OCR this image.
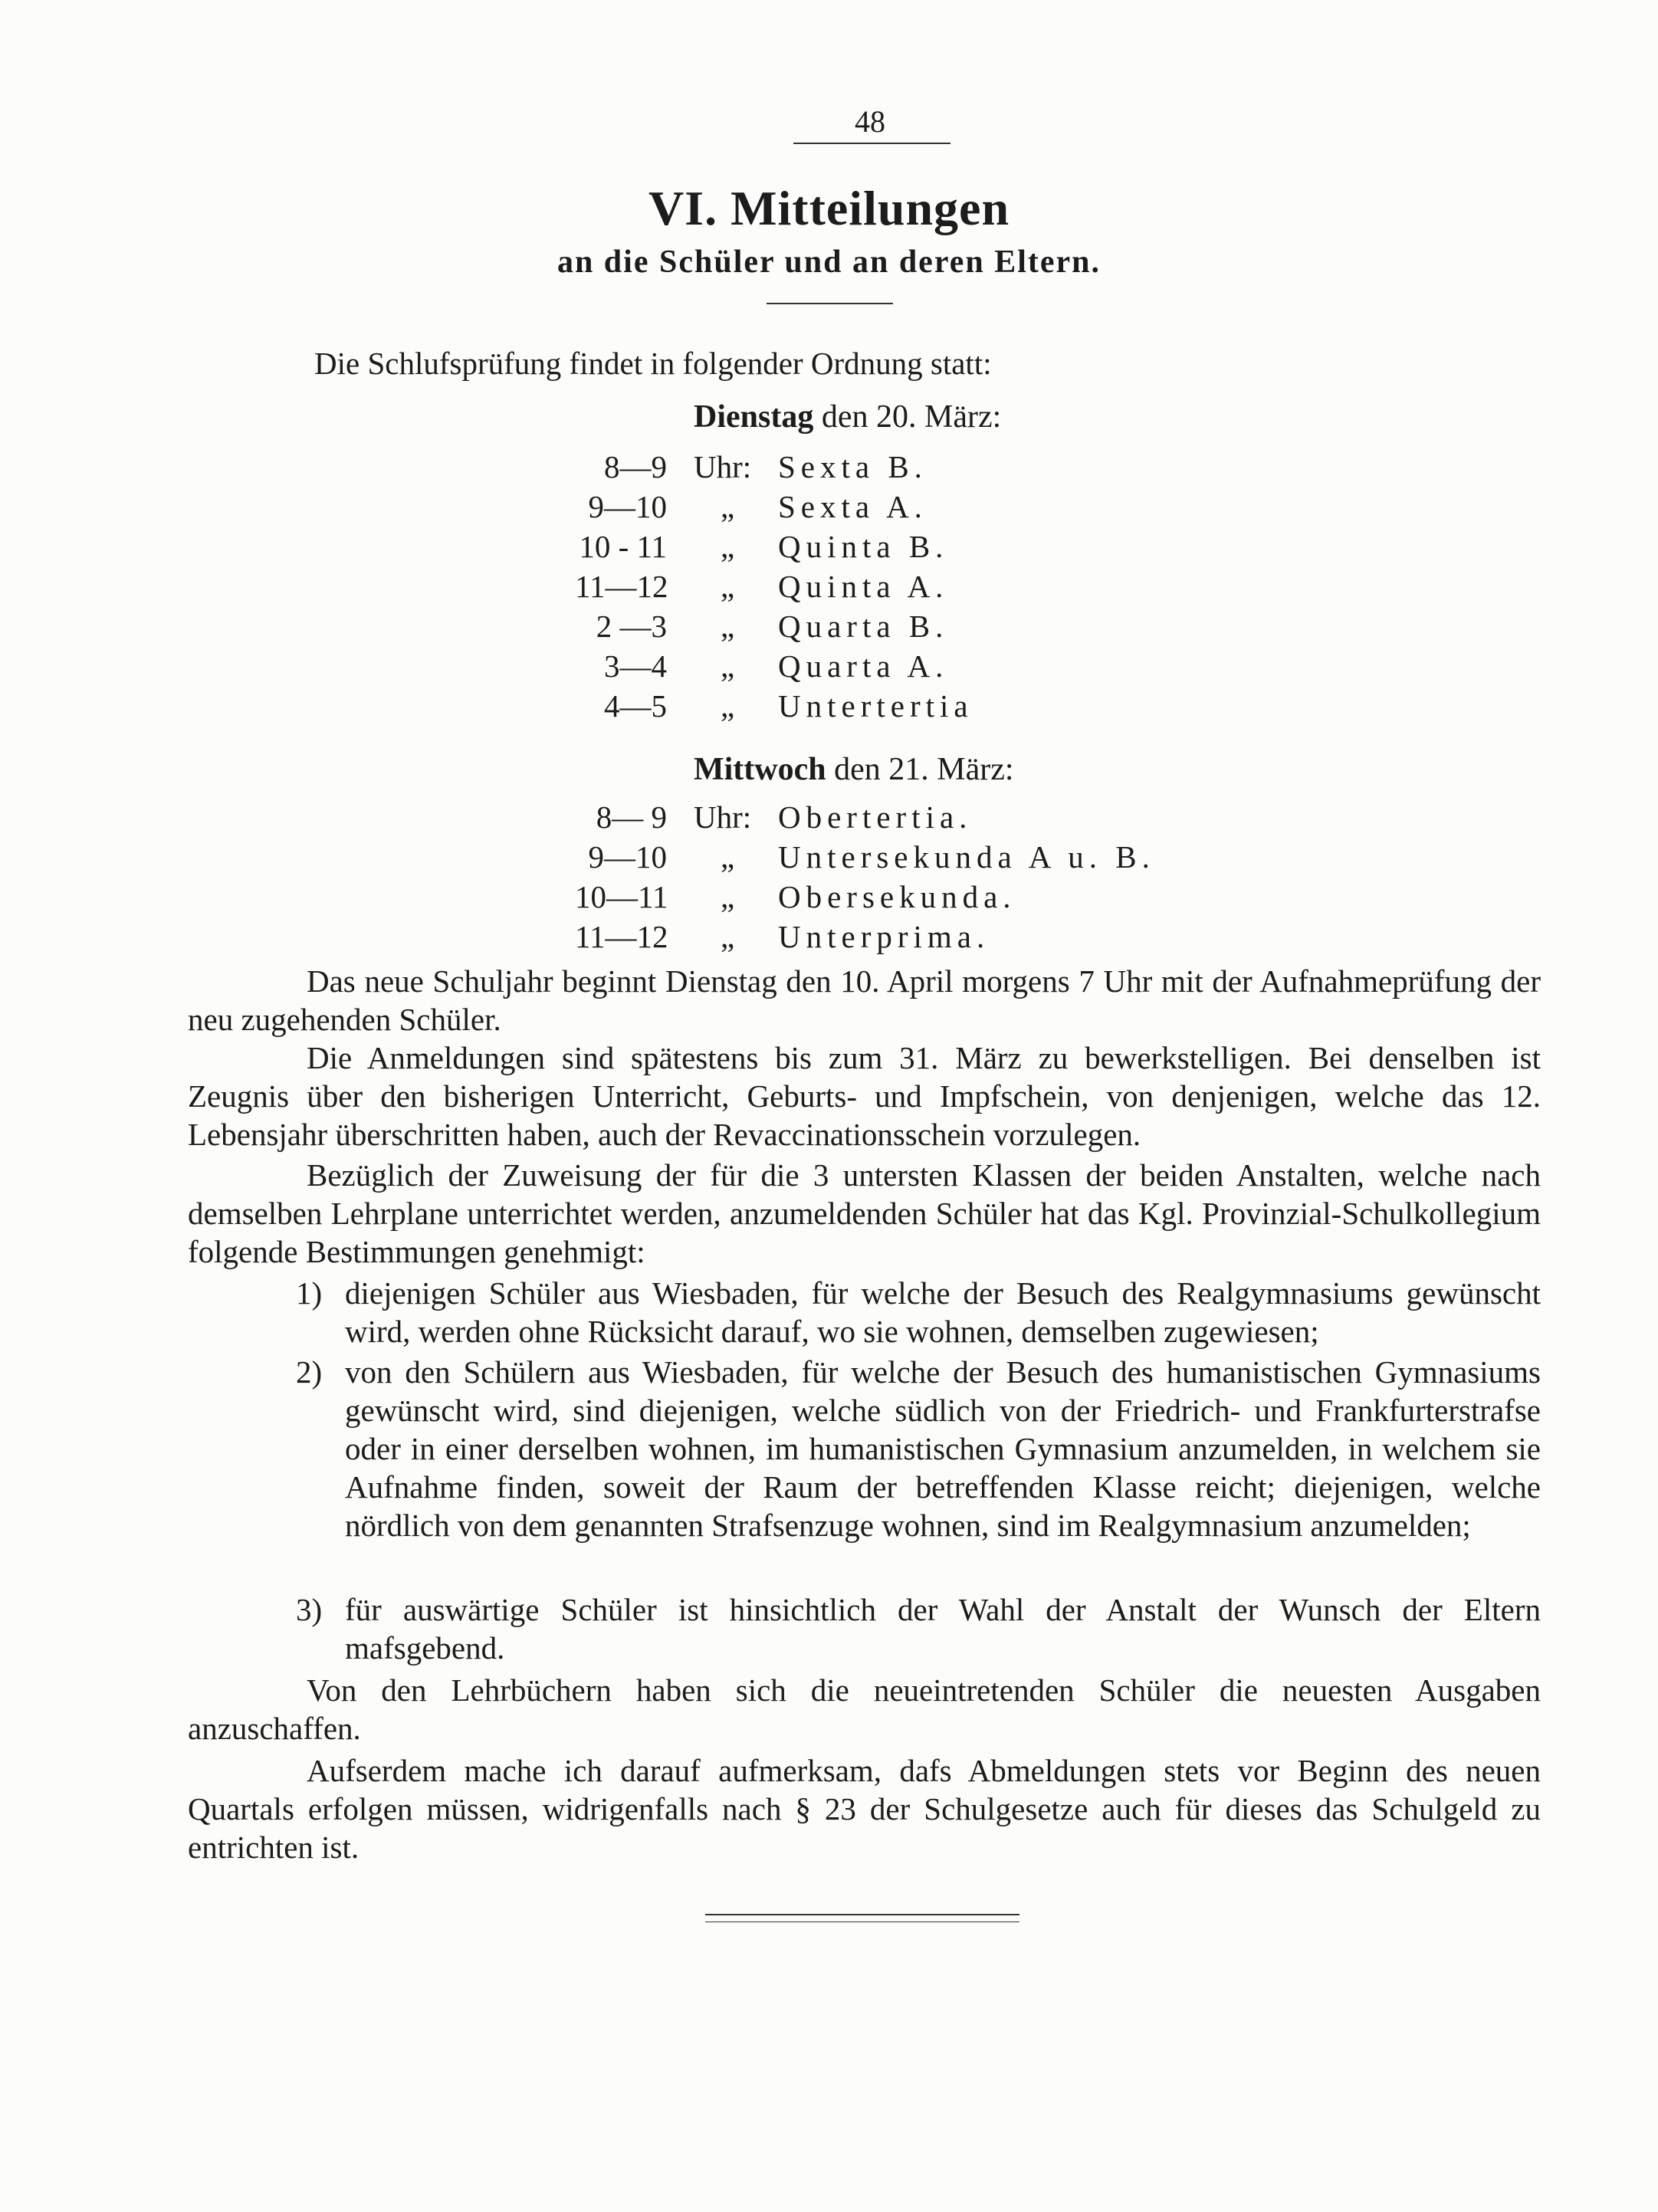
48
VI. Mitteilungen
an die Schüler und an deren Eltern.
Die Schlufsprüfung findet in folgender Ordnung statt:
Dienstag den 20. März:
8—9 Uhr: Sexta B.
9—10 „ Sexta A.
10 - 11 „ Quinta B.
11—12 „ Quinta A.
2 —3 „ Quarta B.
3—4 „ Quarta A.
4—5 „ Untertertia
Mittwoch den 21. März:
8— 9 Uhr: Obertertia.
9—10 „ Untersekunda A u. B.
10—11 „ Obersekunda.
11—12 „ Unterprima.
Das neue Schuljahr beginnt Dienstag den 10. April morgens 7 Uhr mit der Aufnahmeprüfung der neu zugehenden Schüler.
Die Anmeldungen sind spätestens bis zum 31. März zu bewerkstelligen. Bei denselben ist Zeugnis über den bisherigen Unterricht, Geburts- und Impfschein, von denjenigen, welche das 12. Lebensjahr überschritten haben, auch der Revaccinationsschein vorzulegen.
Bezüglich der Zuweisung der für die 3 untersten Klassen der beiden Anstalten, welche nach demselben Lehrplane unterrichtet werden, anzumeldenden Schüler hat das Kgl. Provinzial-Schulkollegium folgende Bestimmungen genehmigt:
1) diejenigen Schüler aus Wiesbaden, für welche der Besuch des Realgymnasiums gewünscht wird, werden ohne Rücksicht darauf, wo sie wohnen, demselben zugewiesen;
2) von den Schülern aus Wiesbaden, für welche der Besuch des humanistischen Gymnasiums gewünscht wird, sind diejenigen, welche südlich von der Friedrich- und Frankfurterstrafse oder in einer derselben wohnen, im humanistischen Gymnasium anzumelden, in welchem sie Aufnahme finden, soweit der Raum der betreffenden Klasse reicht; diejenigen, welche nördlich von dem genannten Strafsenzuge wohnen, sind im Realgymnasium anzumelden;
3) für auswärtige Schüler ist hinsichtlich der Wahl der Anstalt der Wunsch der Eltern mafsgebend.
Von den Lehrbüchern haben sich die neueintretenden Schüler die neuesten Ausgaben anzuschaffen.
Aufserdem mache ich darauf aufmerksam, dafs Abmeldungen stets vor Beginn des neuen Quartals erfolgen müssen, widrigenfalls nach § 23 der Schulgesetze auch für dieses das Schulgeld zu entrichten ist.
